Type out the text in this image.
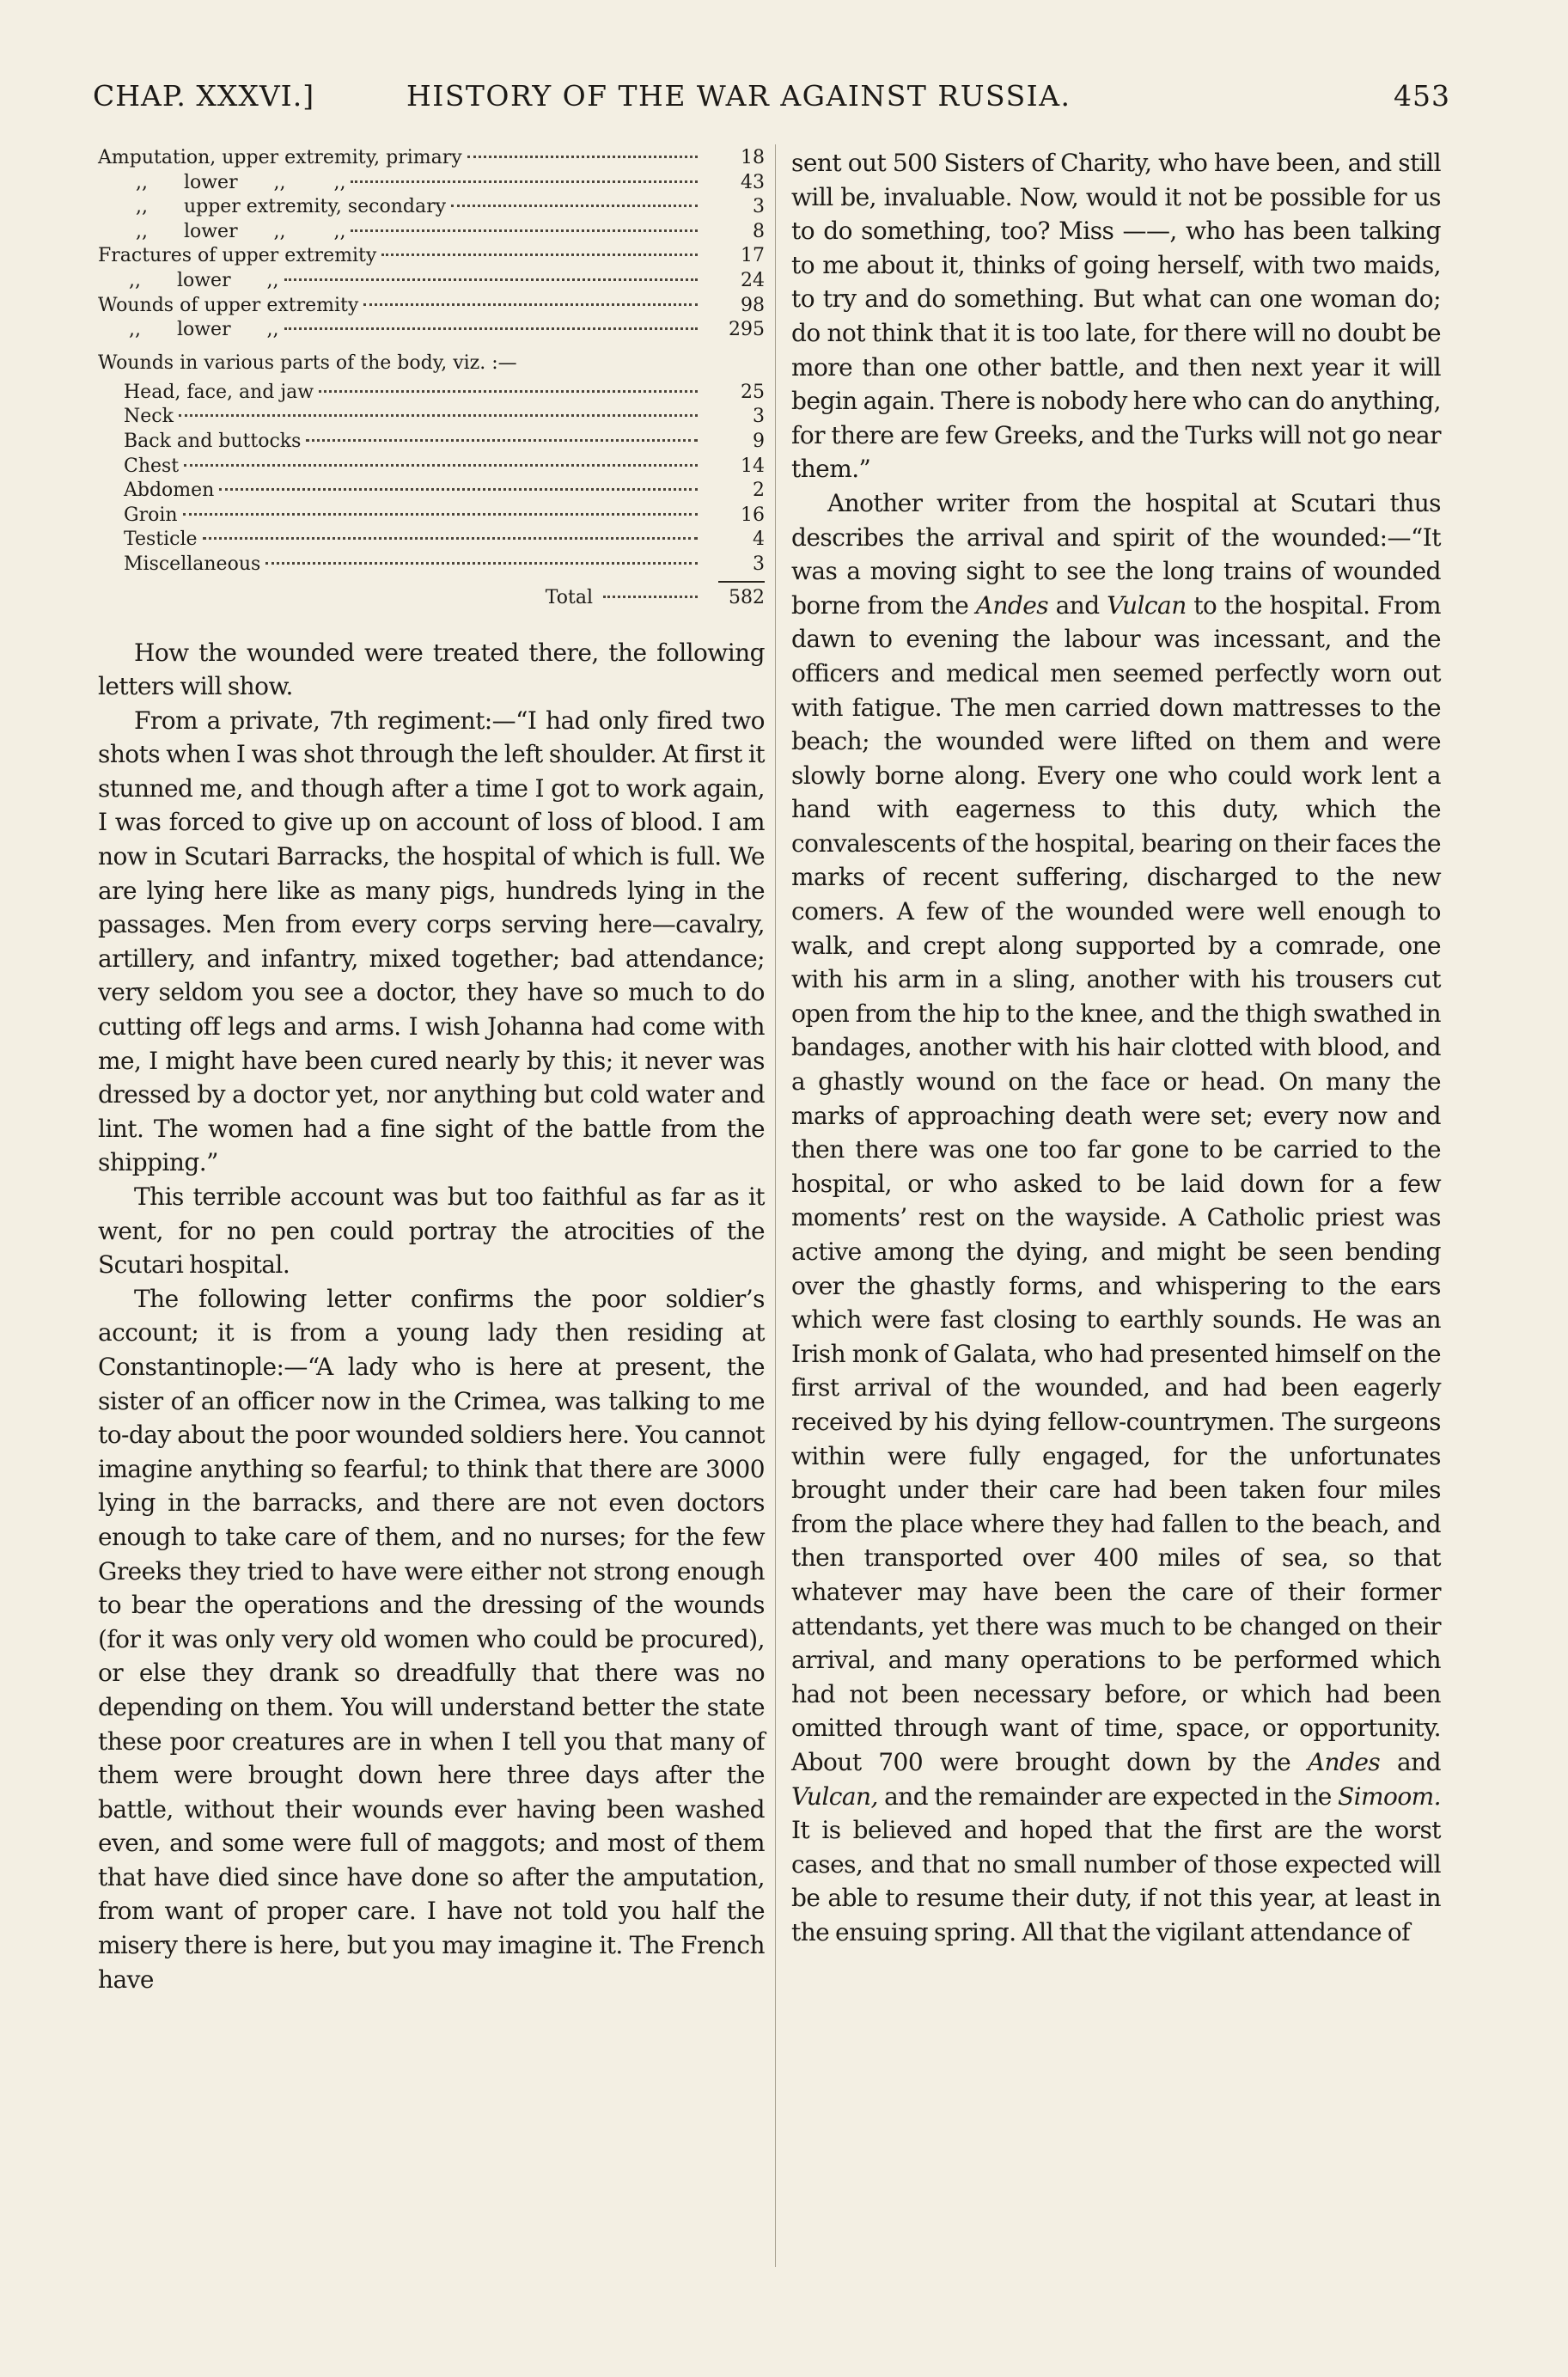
CHAP. XXXVI.]	HISTORY OF THE WAR AGAINST RUSSIA.	453
Amputation, upper extremity, primary	18
,,      lower      ,,        ,,	43
,,      upper extremity, secondary	3
,,      lower      ,,        ,,	8
Fractures of upper extremity	17
,,      lower      ,,	24
Wounds of upper extremity	98
,,      lower      ,,	295
Wounds in various parts of the body, viz. :—
Head, face, and jaw	25
Neck	3
Back and buttocks	9
Chest	14
Abdomen	2
Groin	16
Testicle	4
Miscellaneous	3
Total	582

How the wounded were treated there, the following letters will show.

From a private, 7th regiment:—“I had only fired two shots when I was shot through the left shoulder. At first it stunned me, and though after a time I got to work again, I was forced to give up on account of loss of blood. I am now in Scutari Barracks, the hospital of which is full. We are lying here like as many pigs, hundreds lying in the passages. Men from every corps serving here—cavalry, artillery, and infantry, mixed together; bad attendance; very seldom you see a doctor, they have so much to do cutting off legs and arms. I wish Johanna had come with me, I might have been cured nearly by this; it never was dressed by a doctor yet, nor anything but cold water and lint. The women had a fine sight of the battle from the shipping.”

This terrible account was but too faithful as far as it went, for no pen could portray the atrocities of the Scutari hospital.

The following letter confirms the poor soldier’s account; it is from a young lady then residing at Constantinople:—“A lady who is here at present, the sister of an officer now in the Crimea, was talking to me to-day about the poor wounded soldiers here. You cannot imagine anything so fearful; to think that there are 3000 lying in the barracks, and there are not even doctors enough to take care of them, and no nurses; for the few Greeks they tried to have were either not strong enough to bear the operations and the dressing of the wounds (for it was only very old women who could be procured), or else they drank so dreadfully that there was no depending on them. You will understand better the state these poor creatures are in when I tell you that many of them were brought down here three days after the battle, without their wounds ever having been washed even, and some were full of maggots; and most of them that have died since have done so after the amputation, from want of proper care. I have not told you half the misery there is here, but you may imagine it. The French have

sent out 500 Sisters of Charity, who have been, and still will be, invaluable. Now, would it not be possible for us to do something, too? Miss ——, who has been talking to me about it, thinks of going herself, with two maids, to try and do something. But what can one woman do; do not think that it is too late, for there will no doubt be more than one other battle, and then next year it will begin again. There is nobody here who can do anything, for there are few Greeks, and the Turks will not go near them.”

Another writer from the hospital at Scutari thus describes the arrival and spirit of the wounded:—“It was a moving sight to see the long trains of wounded borne from the Andes and Vulcan to the hospital. From dawn to evening the labour was incessant, and the officers and medical men seemed perfectly worn out with fatigue. The men carried down mattresses to the beach; the wounded were lifted on them and were slowly borne along. Every one who could work lent a hand with eagerness to this duty, which the convalescents of the hospital, bearing on their faces the marks of recent suffering, discharged to the new comers. A few of the wounded were well enough to walk, and crept along supported by a comrade, one with his arm in a sling, another with his trousers cut open from the hip to the knee, and the thigh swathed in bandages, another with his hair clotted with blood, and a ghastly wound on the face or head. On many the marks of approaching death were set; every now and then there was one too far gone to be carried to the hospital, or who asked to be laid down for a few moments’ rest on the wayside. A Catholic priest was active among the dying, and might be seen bending over the ghastly forms, and whispering to the ears which were fast closing to earthly sounds. He was an Irish monk of Galata, who had presented himself on the first arrival of the wounded, and had been eagerly received by his dying fellow-countrymen. The surgeons within were fully engaged, for the unfortunates brought under their care had been taken four miles from the place where they had fallen to the beach, and then transported over 400 miles of sea, so that whatever may have been the care of their former attendants, yet there was much to be changed on their arrival, and many operations to be performed which had not been necessary before, or which had been omitted through want of time, space, or opportunity. About 700 were brought down by the Andes and Vulcan, and the remainder are expected in the Simoom. It is believed and hoped that the first are the worst cases, and that no small number of those expected will be able to resume their duty, if not this year, at least in the ensuing spring. All that the vigilant attendance of
